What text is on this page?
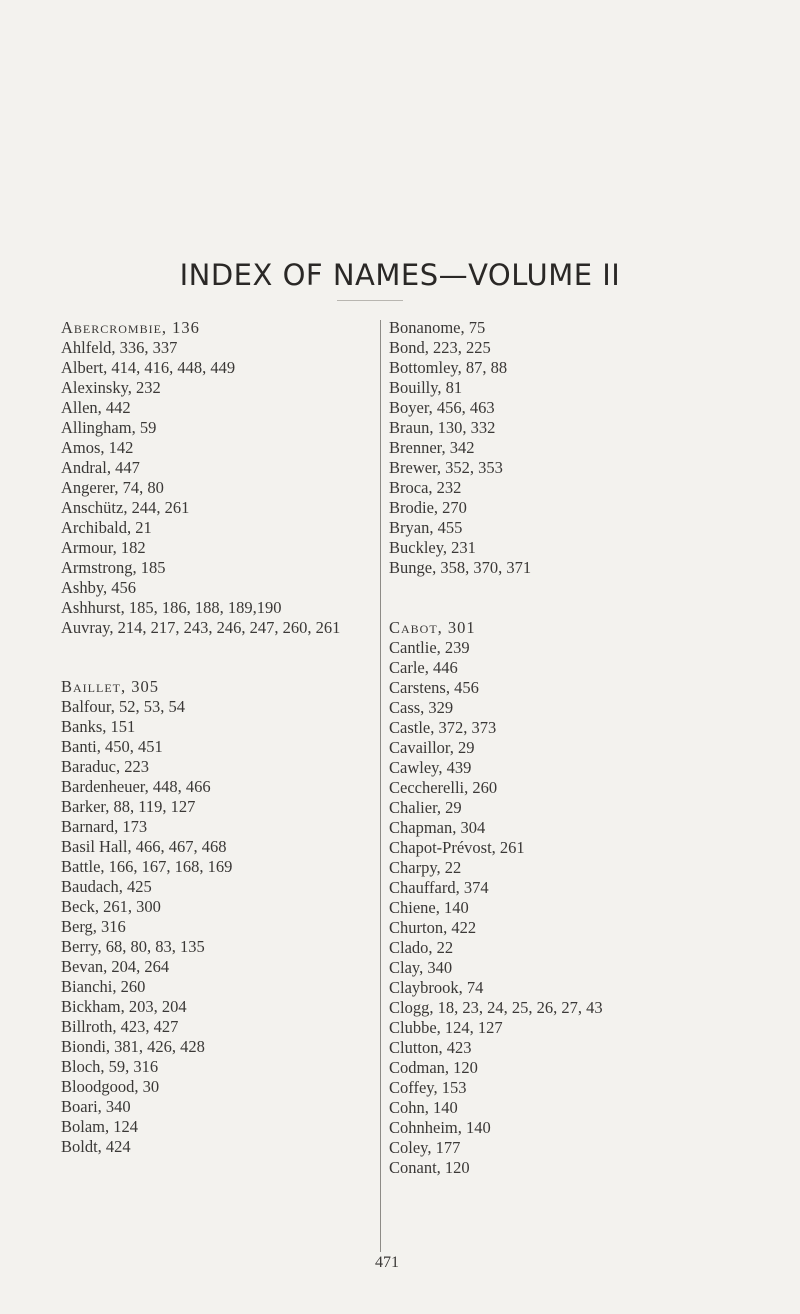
INDEX OF NAMES—VOLUME II
Abercrombie, 136
Ahlfeld, 336, 337
Albert, 414, 416, 448, 449
Alexinsky, 232
Allen, 442
Allingham, 59
Amos, 142
Andral, 447
Angerer, 74, 80
Anschütz, 244, 261
Archibald, 21
Armour, 182
Armstrong, 185
Ashby, 456
Ashhurst, 185, 186, 188, 189,190
Auvray, 214, 217, 243, 246, 247, 260, 261
Baillet, 305
Balfour, 52, 53, 54
Banks, 151
Banti, 450, 451
Baraduc, 223
Bardenheuer, 448, 466
Barker, 88, 119, 127
Barnard, 173
Basil Hall, 466, 467, 468
Battle, 166, 167, 168, 169
Baudach, 425
Beck, 261, 300
Berg, 316
Berry, 68, 80, 83, 135
Bevan, 204, 264
Bianchi, 260
Bickham, 203, 204
Billroth, 423, 427
Biondi, 381, 426, 428
Bloch, 59, 316
Bloodgood, 30
Boari, 340
Bolam, 124
Boldt, 424
Bonanome, 75
Bond, 223, 225
Bottomley, 87, 88
Bouilly, 81
Boyer, 456, 463
Braun, 130, 332
Brenner, 342
Brewer, 352, 353
Broca, 232
Brodie, 270
Bryan, 455
Buckley, 231
Bunge, 358, 370, 371
Cabot, 301
Cantlie, 239
Carle, 446
Carstens, 456
Cass, 329
Castle, 372, 373
Cavaillor, 29
Cawley, 439
Ceccherelli, 260
Chalier, 29
Chapman, 304
Chapot-Prévost, 261
Charpy, 22
Chauffard, 374
Chiene, 140
Churton, 422
Clado, 22
Clay, 340
Claybrook, 74
Clogg, 18, 23, 24, 25, 26, 27, 43
Clubbe, 124, 127
Clutton, 423
Codman, 120
Coffey, 153
Cohn, 140
Cohnheim, 140
Coley, 177
Conant, 120
471
